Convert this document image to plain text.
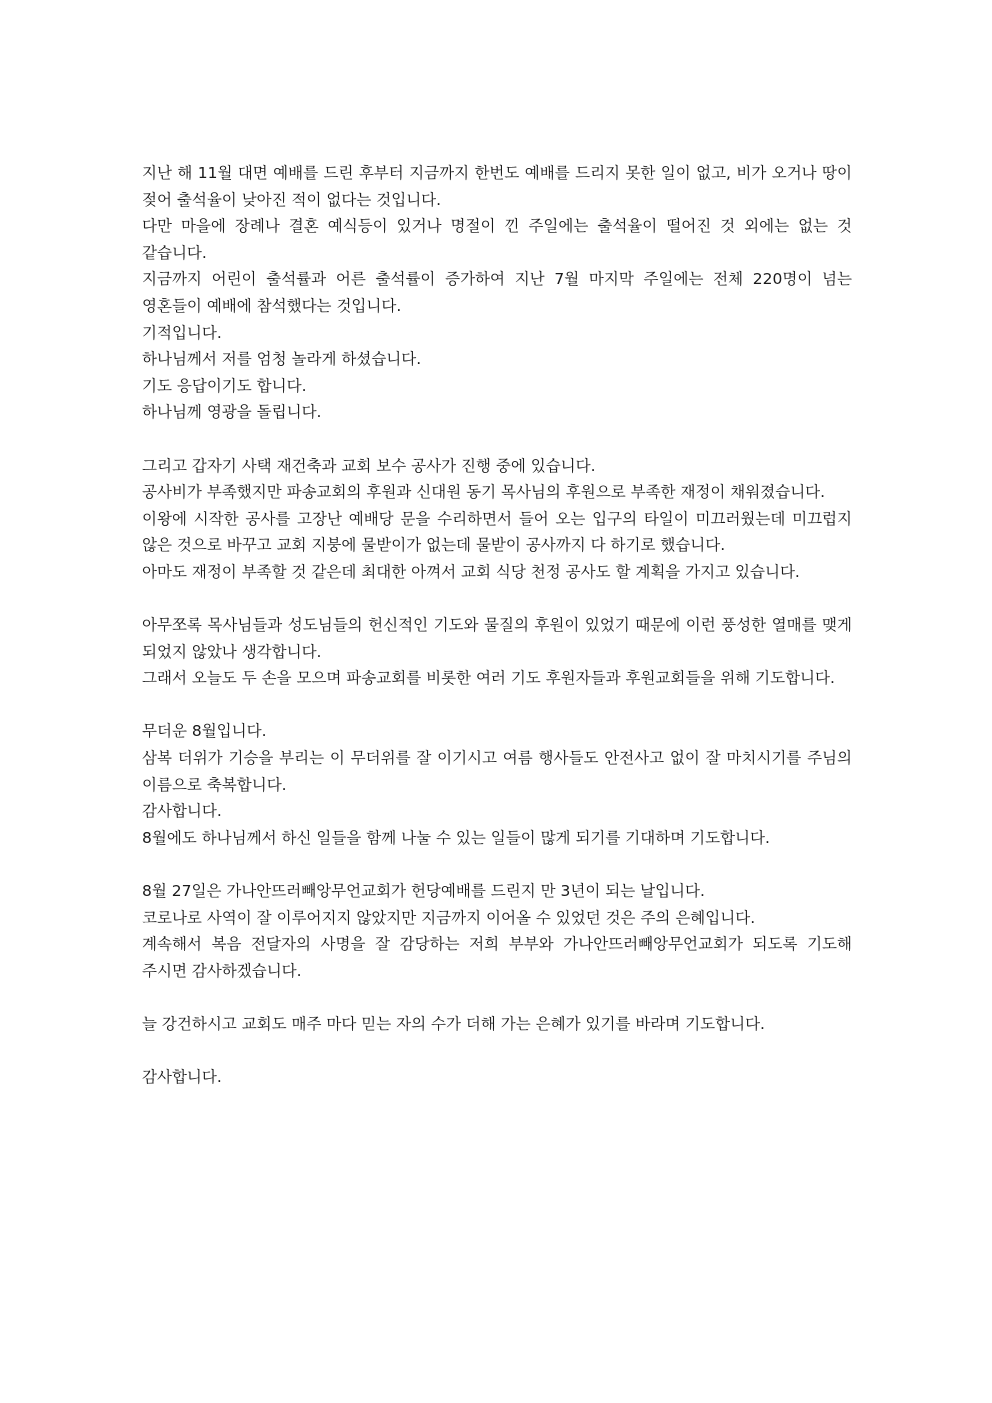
지난 해 11월 대면 예배를 드린 후부터 지금까지 한번도 예배를 드리지 못한 일이 없고, 비가 오거나 땅이 젖어 출석율이 낮아진 적이 없다는 것입니다.

다만 마을에 장례나 결혼 예식등이 있거나 명절이 낀 주일에는 출석율이 떨어진 것 외에는 없는 것 같습니다.

지금까지 어린이 출석률과 어른 출석률이 증가하여 지난 7월 마지막 주일에는 전체 220명이 넘는 영혼들이 예배에 참석했다는 것입니다.

기적입니다.

하나님께서 저를 엄청 놀라게 하셨습니다.

기도 응답이기도 합니다.

하나님께 영광을 돌립니다.

그리고 갑자기 사택 재건축과 교회 보수 공사가 진행 중에 있습니다.

공사비가 부족했지만 파송교회의 후원과 신대원 동기 목사님의 후원으로 부족한 재정이 채워졌습니다.

이왕에 시작한 공사를 고장난 예배당 문을 수리하면서 들어 오는 입구의 타일이 미끄러웠는데 미끄럽지 않은 것으로 바꾸고 교회 지붕에 물받이가 없는데 물받이 공사까지 다 하기로 했습니다.

아마도 재정이 부족할 것 같은데 최대한 아껴서 교회 식당 천정 공사도 할 계획을 가지고 있습니다.

아무쪼록 목사님들과 성도님들의 헌신적인 기도와 물질의 후원이 있었기 때문에 이런 풍성한 열매를 맺게 되었지 않았나 생각합니다.

그래서 오늘도 두 손을 모으며 파송교회를 비롯한 여러 기도 후원자들과 후원교회들을 위해 기도합니다.

무더운 8월입니다.

삼복 더위가 기승을 부리는 이 무더위를 잘 이기시고 여름 행사들도 안전사고 없이 잘 마치시기를 주님의 이름으로 축복합니다.

감사합니다.

8월에도 하나님께서 하신 일들을 함께 나눌 수 있는 일들이 많게 되기를 기대하며 기도합니다.

8월 27일은 가나안뜨러빼앙무언교회가 헌당예배를 드린지 만 3년이 되는 날입니다.

코로나로 사역이 잘 이루어지지 않았지만 지금까지 이어올 수 있었던 것은 주의 은혜입니다.

계속해서 복음 전달자의 사명을 잘 감당하는 저희 부부와 가나안뜨러빼앙무언교회가 되도록 기도해 주시면 감사하겠습니다.

늘 강건하시고 교회도 매주 마다 믿는 자의 수가 더해 가는 은혜가 있기를 바라며 기도합니다.

감사합니다.
